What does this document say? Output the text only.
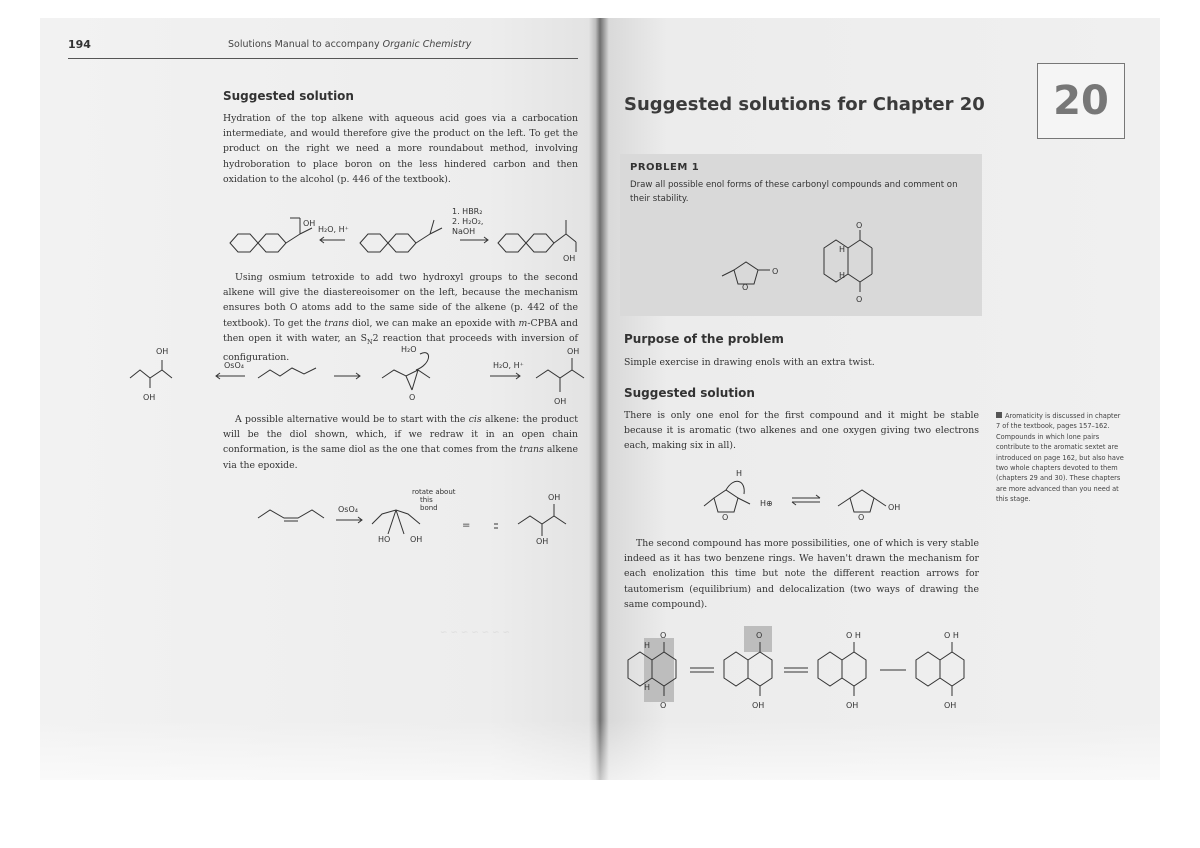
194	Solutions Manual to accompany Organic Chemistry
Suggested solution
Hydration of the top alkene with aqueous acid goes via a carbocation intermediate, and would therefore give the product on the left. To get the product on the right we need a more roundabout method, involving hydroboration to place boron on the less hindered carbon and then oxidation to the alcohol (p. 446 of the textbook).
OH
H₂O, H⁺
1. HBR₂
2. H₂O₂,
NaOH
OH
Using osmium tetroxide to add two hydroxyl groups to the second alkene will give the diastereoisomer on the left, because the mechanism ensures both O atoms add to the same side of the alkene (p. 442 of the textbook). To get the trans diol, we can make an epoxide with m-CPBA and then open it with water, an $S_N2$ reaction that proceeds with inversion of configuration.
OH
OH
OsO₄
H₂O
O
H₂O, H⁺
OH
OH
A possible alternative would be to start with the cis alkene: the product will be the diol shown, which, if we redraw it in an open chain conformation, is the same diol as the one that comes from the trans alkene via the epoxide.
OsO₄
rotate about
this
bond
HO OH
=
OH
OH
~ ~ ~ ~ ~ ~ ~
Suggested solutions for Chapter 20	20
PROBLEM 1
Draw all possible enol forms of these carbonyl compounds and comment on their stability.
O
O
H
H
O
O
Purpose of the problem
Simple exercise in drawing enols with an extra twist.
Suggested solution
There is only one enol for the first compound and it might be stable because it is aromatic (two alkenes and one oxygen giving two electrons each, making six in all).
H
H⊕
O	O
OH
The second compound has more possibilities, one of which is very stable indeed as it has two benzene rings. We haven't drawn the mechanism for each enolization this time but note the different reaction arrows for tautomerism (equilibrium) and delocalization (two ways of drawing the same compound).
H
O
H
O
O
OH
O H
OH
O H
OH
Aromaticity is discussed in chapter 7 of the textbook, pages 157–162. Compounds in which lone pairs contribute to the aromatic sextet are introduced on page 162, but also have two whole chapters devoted to them (chapters 29 and 30). These chapters are more advanced than you need at this stage.
